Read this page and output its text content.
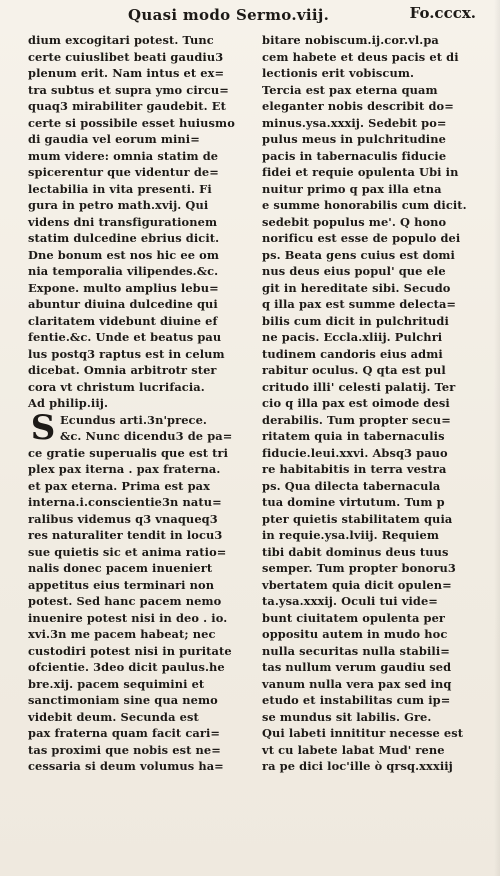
Quasi modo Sermo.viij.	Fo.cccx.
dium excogitari potest. Tunc
certe cuiuslibet beati gaudiu3
plenum erit. Nam intus et ex=
tra subtus et supra ymo circu=
quaq3 mirabiliter gaudebit. Et
certe si possibile esset huiusmo
di gaudia vel eorum mini=
mum videre: omnia statim de
spicerentur que videntur de=
lectabilia in vita presenti. Fi
gura in petro math.xvij. Qui
videns dni transfigurationem
statim dulcedine ebrius dicit.
Dne bonum est nos hic ee om
nia temporalia vilipendes.&c.
Expone. multo amplius lebu=
abuntur diuina dulcedine qui
claritatem videbunt diuine ef
fentie.&c. Unde et beatus pau
lus postq3 raptus est in celum
dicebat. Omnia arbitrotr ster
cora vt christum lucrifacia.
Ad philip.iij.
S Ecundus arti.3n'prece.
&c. Nunc dicendu3 de pa=
ce gratie superualis que est tri
plex pax iterna . pax fraterna.
et pax eterna. Prima est pax
interna.i.conscientie3n natu=
ralibus videmus q3 vnaqueq3
res naturaliter tendit in locu3
sue quietis sic et anima ratio=
nalis donec pacem inueniert
appetitus eius terminari non
potest. Sed hanc pacem nemo
inuenire potest nisi in deo . io.
xvi.3n me pacem habeat; nec
custodiri potest nisi in puritate
ofcientie. 3deo dicit paulus.he
bre.xij. pacem sequimini et
sanctimoniam sine qua nemo
videbit deum. Secunda est
pax fraterna quam facit cari=
tas proximi que nobis est ne=
cessaria si deum volumus ha=
bitare nobiscum.ij.cor.vl.pa
cem habete et deus pacis et di
lectionis erit vobiscum.
Tercia est pax eterna quam
eleganter nobis describit do=
minus.ysa.xxxij. Sedebit po=
pulus meus in pulchritudine
pacis in tabernaculis fiducie
fidei et requie opulenta Ubi in
nuitur primo q pax illa etna
e summe honorabilis cum dicit.
sedebit populus me'. Q hono
norificu est esse de populo dei
ps. Beata gens cuius est domi
nus deus eius popul' que ele
git in hereditate sibi. Secudo
q illa pax est summe delecta=
bilis cum dicit in pulchritudi
ne pacis. Eccla.xliij. Pulchri
tudinem candoris eius admi
rabitur oculus. Q qta est pul
critudo illi' celesti palatij. Ter
cio q illa pax est oimode desi
derabilis. Tum propter secu=
ritatem quia in tabernaculis
fiducie.leui.xxvi. Absq3 pauo
re habitabitis in terra vestra
ps. Qua dilecta tabernacula
tua domine virtutum. Tum p
pter quietis stabilitatem quia
in requie.ysa.lviij. Requiem
tibi dabit dominus deus tuus
semper. Tum propter bonoru3
vbertatem quia dicit opulen=
ta.ysa.xxxij. Oculi tui vide=
bunt ciuitatem opulenta per
oppositu autem in mudo hoc
nulla securitas nulla stabili=
tas nullum verum gaudiu sed
vanum nulla vera pax sed inq
etudo et instabilitas cum ip=
se mundus sit labilis. Gre.
Qui labeti innititur necesse est
vt cu labete labat Mud' rene
ra pe dici loc'ille ò qrsq.xxxiij
